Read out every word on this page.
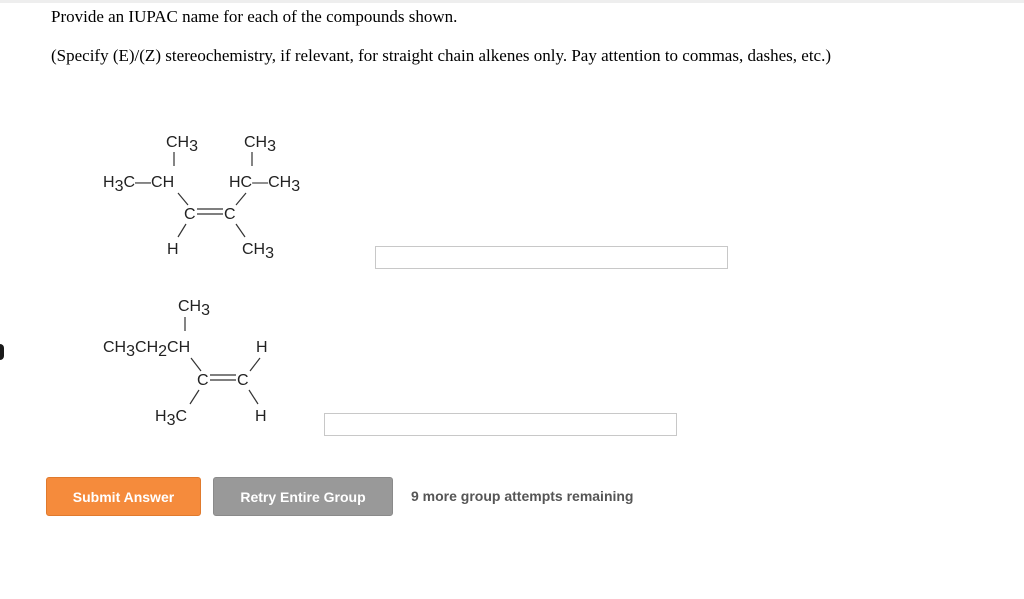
Provide an IUPAC name for each of the compounds shown.
(Specify (E)/(Z) stereochemistry, if relevant, for straight chain alkenes only. Pay attention to commas, dashes, etc.)
CH3	CH3
H3C—CH	HC—CH3
C C
H	CH3
CH3
CH3CH2CH	H
C C
H3C	H
Submit Answer	Retry Entire Group	9 more group attempts remaining
